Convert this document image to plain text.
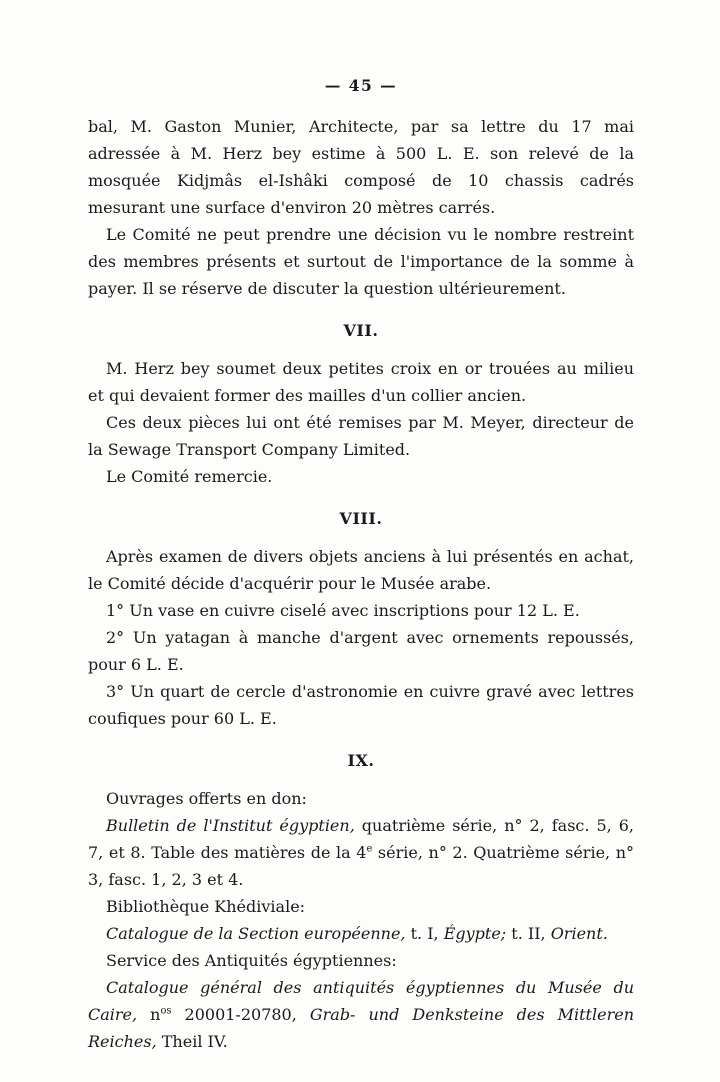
— 45 —

bal, M. Gaston Munier, Architecte, par sa lettre du 17 mai adressée à M. Herz bey estime à 500 L. E. son relevé de la mosquée Kidjmâs el-Ishâki composé de 10 chassis cadrés mesurant une surface d'environ 20 mètres carrés.

Le Comité ne peut prendre une décision vu le nombre restreint des membres présents et surtout de l'importance de la somme à payer. Il se réserve de discuter la question ultérieurement.

VII.

M. Herz bey soumet deux petites croix en or trouées au milieu et qui devaient former des mailles d'un collier ancien.

Ces deux pièces lui ont été remises par M. Meyer, directeur de la Sewage Transport Company Limited.

Le Comité remercie.

VIII.

Après examen de divers objets anciens à lui présentés en achat, le Comité décide d'acquérir pour le Musée arabe.

1° Un vase en cuivre ciselé avec inscriptions pour 12 L. E.

2° Un yatagan à manche d'argent avec ornements repoussés, pour 6 L. E.

3° Un quart de cercle d'astronomie en cuivre gravé avec lettres coufiques pour 60 L. E.

IX.

Ouvrages offerts en don:

Bulletin de l'Institut égyptien, quatrième série, n° 2, fasc. 5, 6, 7, et 8. Table des matières de la 4e série, n° 2. Quatrième série, n° 3, fasc. 1, 2, 3 et 4.

Bibliothèque Khédiviale:

Catalogue de la Section européenne, t. I, Égypte; t. II, Orient.

Service des Antiquités égyptiennes:

Catalogue général des antiquités égyptiennes du Musée du Caire, $n^{os}$ 20001-20780, Grab- und Denksteine des Mittleren Reiches, Theil IV.
